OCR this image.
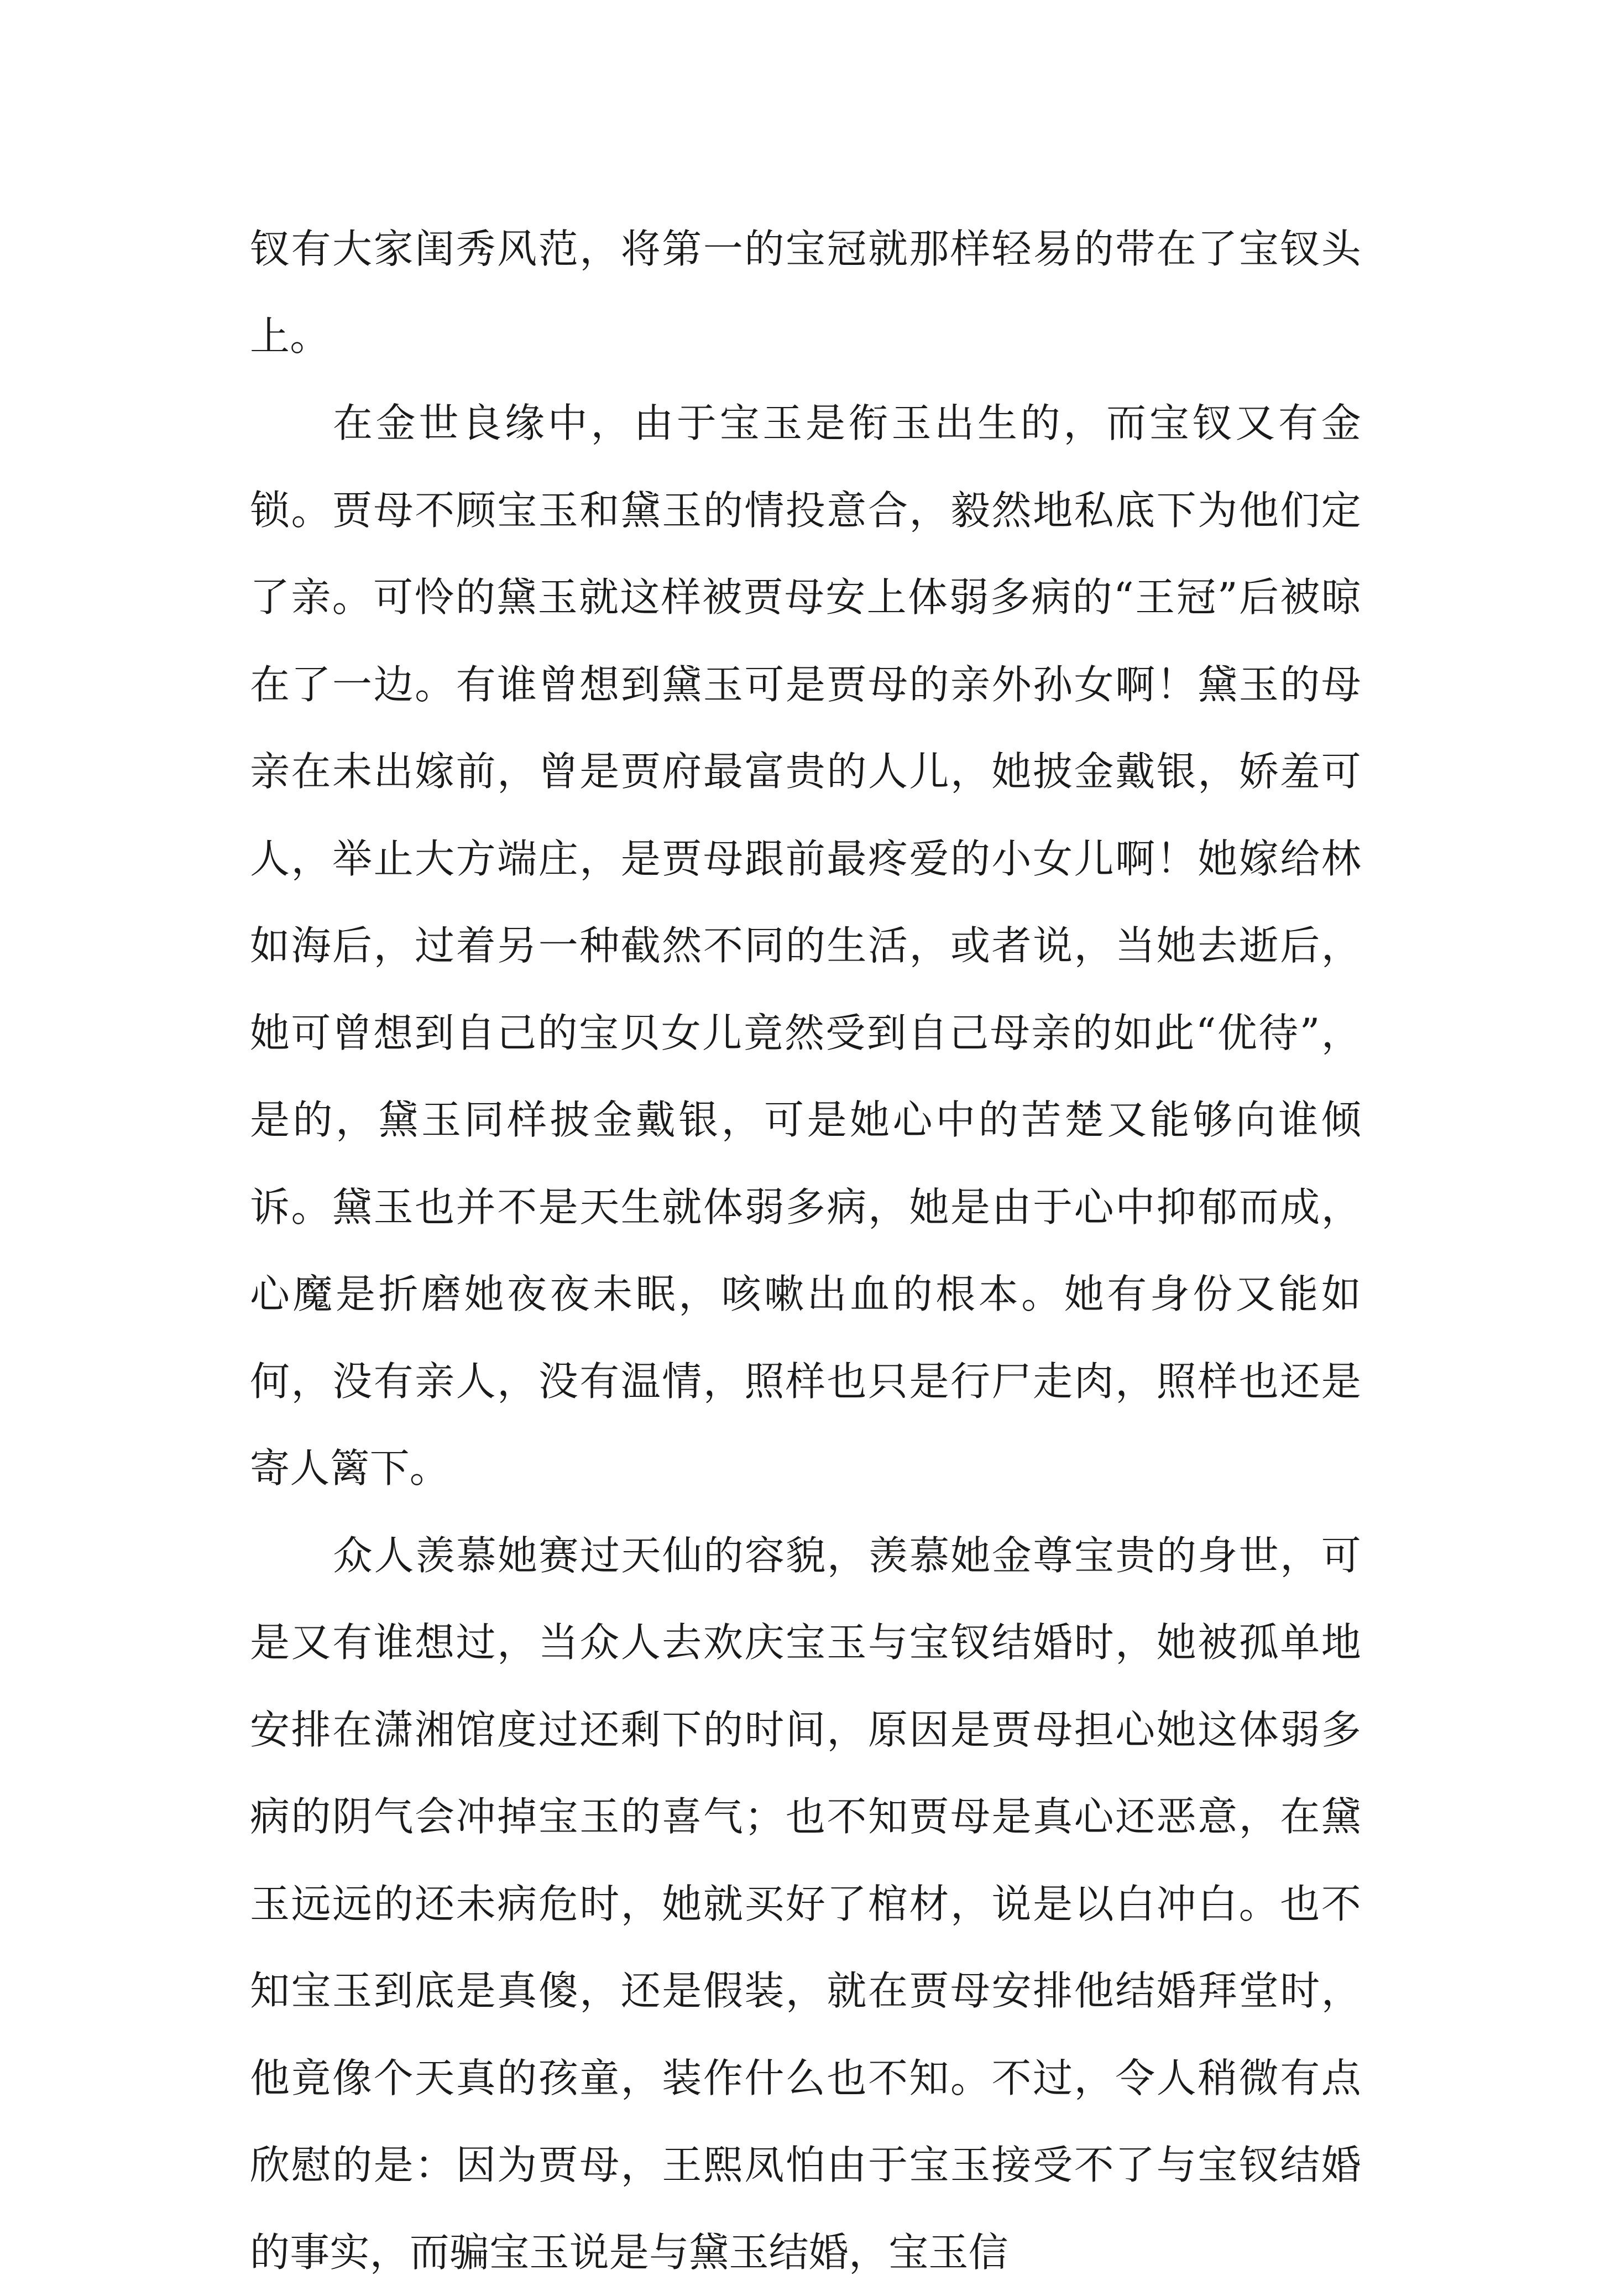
钗有大家闺秀风范，将第一的宝冠就那样轻易的带在了宝钗头上。

在金世良缘中，由于宝玉是衔玉出生的，而宝钗又有金锁。贾母不顾宝玉和黛玉的情投意合，毅然地私底下为他们定了亲。可怜的黛玉就这样被贾母安上体弱多病的“王冠”后被晾在了一边。有谁曾想到黛玉可是贾母的亲外孙女啊！黛玉的母亲在未出嫁前，曾是贾府最富贵的人儿，她披金戴银，娇羞可人，举止大方端庄，是贾母跟前最疼爱的小女儿啊！她嫁给林如海后，过着另一种截然不同的生活，或者说，当她去逝后，她可曾想到自己的宝贝女儿竟然受到自己母亲的如此“优待”，是的，黛玉同样披金戴银，可是她心中的苦楚又能够向谁倾诉。黛玉也并不是天生就体弱多病，她是由于心中抑郁而成，心魔是折磨她夜夜未眠，咳嗽出血的根本。她有身份又能如何，没有亲人，没有温情，照样也只是行尸走肉，照样也还是寄人篱下。

众人羡慕她赛过天仙的容貌，羡慕她金尊宝贵的身世，可是又有谁想过，当众人去欢庆宝玉与宝钗结婚时，她被孤单地安排在潇湘馆度过还剩下的时间，原因是贾母担心她这体弱多病的阴气会冲掉宝玉的喜气；也不知贾母是真心还恶意，在黛玉远远的还未病危时，她就买好了棺材，说是以白冲白。也不知宝玉到底是真傻，还是假装，就在贾母安排他结婚拜堂时，他竟像个天真的孩童，装作什么也不知。不过，令人稍微有点欣慰的是：因为贾母，王熙凤怕由于宝玉接受不了与宝钗结婚的事实，而骗宝玉说是与黛玉结婚，宝玉信
